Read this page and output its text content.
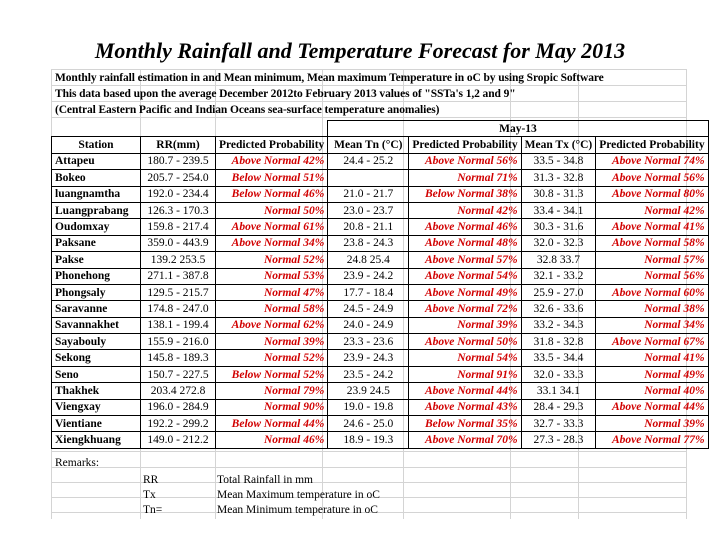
Monthly Rainfall and Temperature Forecast for May 2013
Monthly rainfall estimation in and Mean minimum, Mean maximum Temperature in oC by using Sropic Software
This data based upon the average December 2012to February 2013 values of "SSTa's 1,2 and 9"
(Central Eastern Pacific and Indian Oceans sea-surface temperature anomalies)
			May-13			
Station	RR(mm)	Predicted Probability	Mean Tn (°C)	Predicted Probability	Mean Tx (°C)	Predicted Probability
Attapeu	180.7 - 239.5	Above Normal 42%	24.4 - 25.2	Above Normal 56%	33.5 - 34.8	Above Normal 74%
Bokeo	205.7 - 254.0	Below Normal 51%		Normal 71%	31.3 - 32.8	Above Normal 56%
luangnamtha	192.0 - 234.4	Below Normal 46%	21.0 - 21.7	Below Normal 38%	30.8 - 31.3	Above Normal 80%
Luangprabang	126.3 - 170.3	Normal 50%	23.0 - 23.7	Normal 42%	33.4 - 34.1	Normal 42%
Oudomxay	159.8 - 217.4	Above Normal 61%	20.8 - 21.1	Above Normal 46%	30.3 - 31.6	Above Normal 41%
Paksane	359.0 - 443.9	Above Normal 34%	23.8 - 24.3	Above Normal 48%	32.0 - 32.3	Above Normal 58%
Pakse	139.2 253.5	Normal 52%	24.8 25.4	Above Normal 57%	32.8 33.7	Normal 57%
Phonehong	271.1 - 387.8	Normal 53%	23.9 - 24.2	Above Normal 54%	32.1 - 33.2	Normal 56%
Phongsaly	129.5 - 215.7	Normal 47%	17.7 - 18.4	Above Normal 49%	25.9 - 27.0	Above Normal 60%
Saravanne	174.8 - 247.0	Normal 58%	24.5 - 24.9	Above Normal 72%	32.6 - 33.6	Normal 38%
Savannakhet	138.1 - 199.4	Above Normal 62%	24.0 - 24.9	Normal 39%	33.2 - 34.3	Normal 34%
Sayabouly	155.9 - 216.0	Normal 39%	23.3 - 23.6	Above Normal 50%	31.8 - 32.8	Above Normal 67%
Sekong	145.8 - 189.3	Normal 52%	23.9 - 24.3	Normal 54%	33.5 - 34.4	Normal 41%
Seno	150.7 - 227.5	Below Normal 52%	23.5 - 24.2	Normal 91%	32.0 - 33.3	Normal 49%
Thakhek	203.4 272.8	Normal 79%	23.9 24.5	Above Normal 44%	33.1 34.1	Normal 40%
Viengxay	196.0 - 284.9	Normal 90%	19.0 - 19.8	Above Normal 43%	28.4 - 29.3	Above Normal 44%
Vientiane	192.2 - 299.2	Below Normal 44%	24.6 - 25.0	Below Normal 35%	32.7 - 33.3	Normal 39%
Xiengkhuang	149.0 - 212.2	Normal 46%	18.9 - 19.3	Above Normal 70%	27.3 - 28.3	Above Normal 77%
Remarks:
RR	Total Rainfall in mm
Tx	Mean Maximum temperature in oC
Tn=	Mean Minimum temperature in oC
